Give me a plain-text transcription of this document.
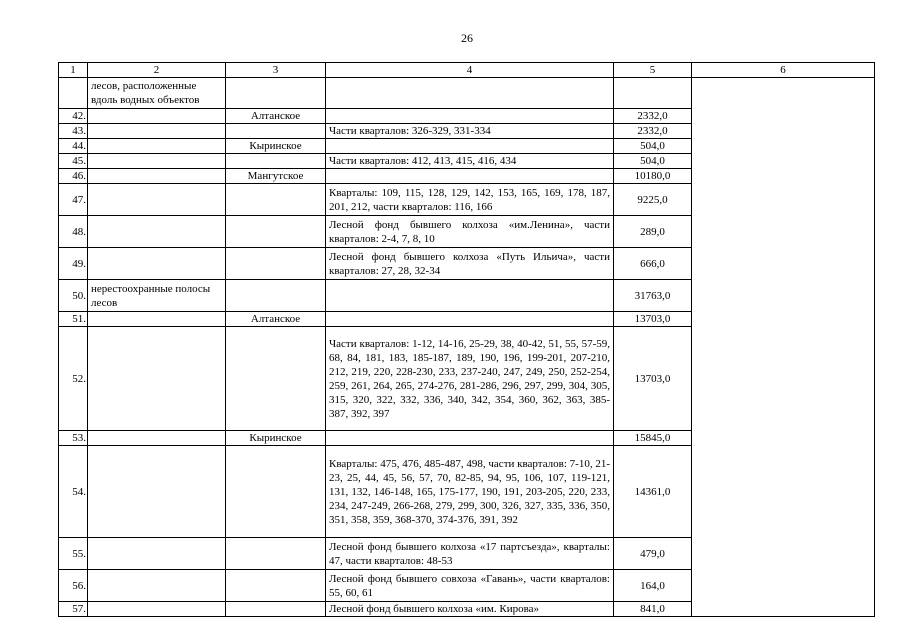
26
1	2	3	4	5	6
	лесов, расположенные вдоль водных объектов				
42.		Алтанское		2332,0	
43.			Части кварталов: 326-329, 331-334	2332,0	
44.		Кыринское		504,0	
45.			Части кварталов: 412, 413, 415, 416, 434	504,0	
46.		Мангутское		10180,0	
47.			Кварталы: 109, 115, 128, 129, 142, 153, 165, 169, 178, 187, 201, 212, части кварталов: 116, 166	9225,0	
48.			Лесной фонд бывшего колхоза «им.Ленина», части кварталов: 2-4, 7, 8, 10	289,0	
49.			Лесной фонд бывшего колхоза «Путь Ильича», части кварталов: 27, 28, 32-34	666,0	
50.	нерестоохранные полосы лесов			31763,0	
51.		Алтанское		13703,0	
52.			Части кварталов: 1-12, 14-16, 25-29, 38, 40-42, 51, 55, 57-59, 68, 84, 181, 183, 185-187, 189, 190, 196, 199-201, 207-210, 212, 219, 220, 228-230, 233, 237-240, 247, 249, 250, 252-254, 259, 261, 264, 265, 274-276, 281-286, 296, 297, 299, 304, 305, 315, 320, 322, 332, 336, 340, 342, 354, 360, 362, 363, 385-387, 392, 397	13703,0	
53.		Кыринское		15845,0	
54.			Кварталы: 475, 476, 485-487, 498, части кварталов: 7-10, 21-23, 25, 44, 45, 56, 57, 70, 82-85, 94, 95, 106, 107, 119-121, 131, 132, 146-148, 165, 175-177, 190, 191, 203-205, 220, 233, 234, 247-249, 266-268, 279, 299, 300, 326, 327, 335, 336, 350, 351, 358, 359, 368-370, 374-376, 391, 392	14361,0	
55.			Лесной фонд бывшего колхоза «17 партсъезда», кварталы: 47, части кварталов: 48-53	479,0	
56.			Лесной фонд бывшего совхоза «Гавань», части кварталов: 55, 60, 61	164,0	
57.			Лесной фонд бывшего колхоза «им. Кирова»	841,0	
